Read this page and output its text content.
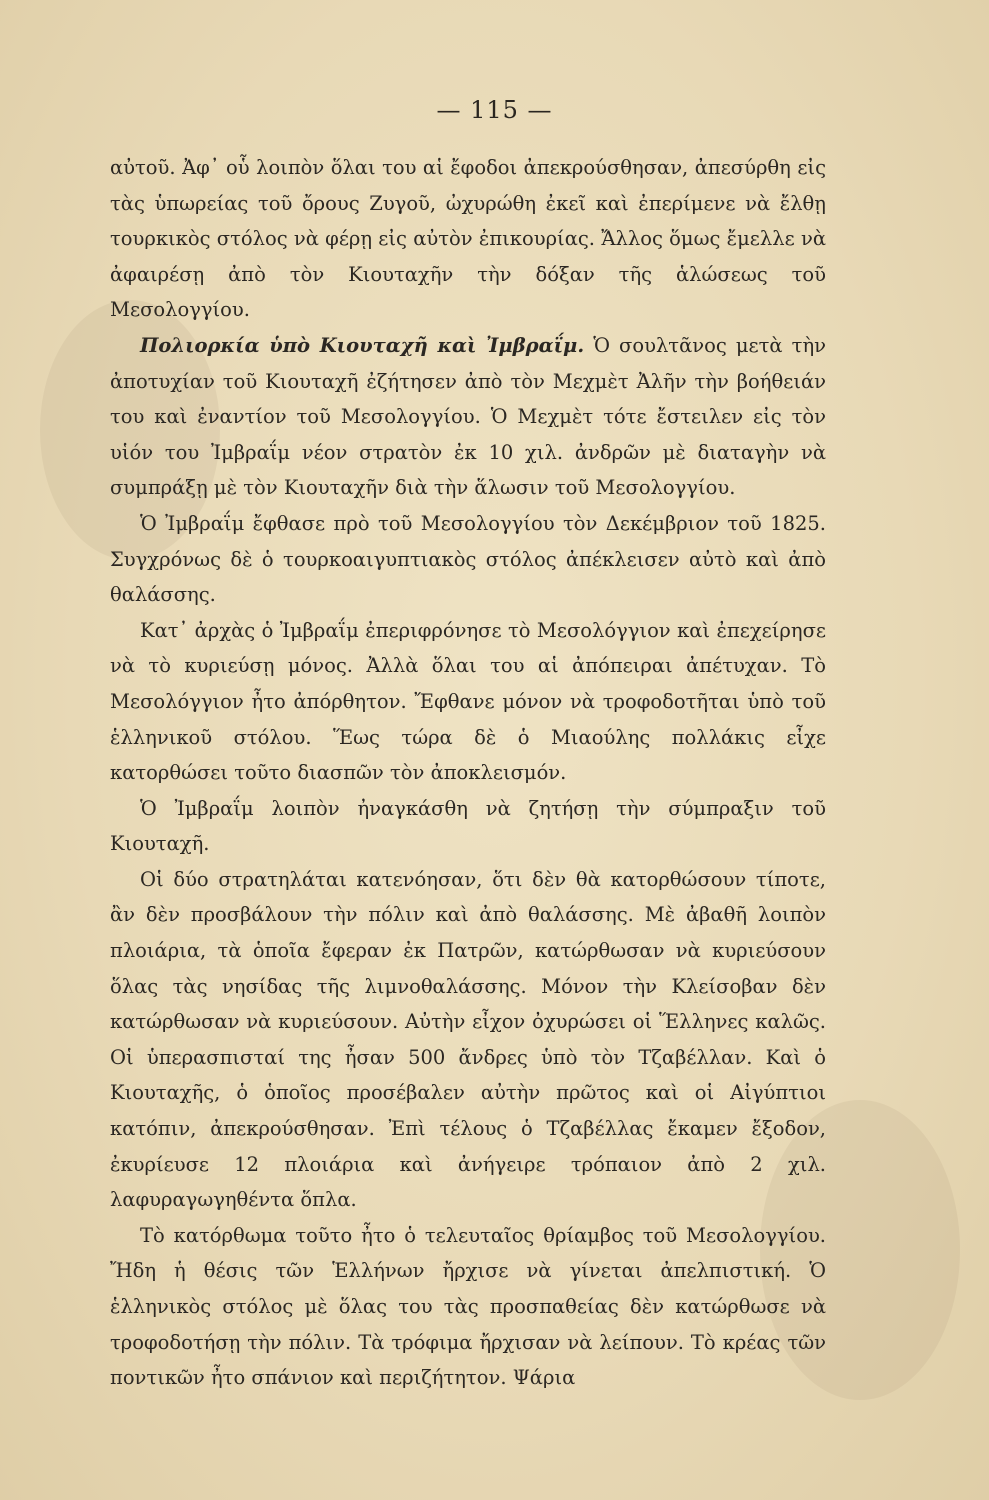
— 115 —

αὐτοῦ. Ἀφ᾿ οὗ λοιπὸν ὅλαι του αἱ ἔφοδοι ἀπεκρούσθησαν, ἀπεσύρθη εἰς τὰς ὑπωρείας τοῦ ὄρους Ζυγοῦ, ὠχυρώθη ἐκεῖ καὶ ἐπερίμενε νὰ ἔλθῃ τουρκικὸς στόλος νὰ φέρῃ εἰς αὐτὸν ἐπικουρίας. Ἄλλος ὅμως ἔμελλε νὰ ἀφαιρέσῃ ἀπὸ τὸν Κιουταχῆν τὴν δόξαν τῆς ἁλώσεως τοῦ Μεσολογγίου.

Πολιορκία ὑπὸ Κιουταχῆ καὶ Ἰμβραΐμ. Ὁ σουλτᾶνος μετὰ τὴν ἀποτυχίαν τοῦ Κιουταχῆ ἐζήτησεν ἀπὸ τὸν Μεχμὲτ Ἀλῆν τὴν βοήθειάν του καὶ ἐναντίον τοῦ Μεσολογγίου. Ὁ Μεχμὲτ τότε ἔστειλεν εἰς τὸν υἱόν του Ἰμβραΐμ νέον στρατὸν ἐκ 10 χιλ. ἀνδρῶν μὲ διαταγὴν νὰ συμπράξῃ μὲ τὸν Κιουταχῆν διὰ τὴν ἅλωσιν τοῦ Μεσολογγίου.

Ὁ Ἰμβραΐμ ἔφθασε πρὸ τοῦ Μεσολογγίου τὸν Δεκέμβριον τοῦ 1825. Συγχρόνως δὲ ὁ τουρκοαιγυπτιακὸς στόλος ἀπέκλεισεν αὐτὸ καὶ ἀπὸ θαλάσσης.

Κατ᾿ ἀρχὰς ὁ Ἰμβραΐμ ἐπεριφρόνησε τὸ Μεσολόγγιον καὶ ἐπεχείρησε νὰ τὸ κυριεύσῃ μόνος. Ἀλλὰ ὅλαι του αἱ ἀπόπειραι ἀπέτυχαν. Τὸ Μεσολόγγιον ἦτο ἀπόρθητον. Ἔφθανε μόνον νὰ τροφοδοτῆται ὑπὸ τοῦ ἑλληνικοῦ στόλου. Ἕως τώρα δὲ ὁ Μιαούλης πολλάκις εἶχε κατορθώσει τοῦτο διασπῶν τὸν ἀποκλεισμόν.

Ὁ Ἰμβραΐμ λοιπὸν ἠναγκάσθη νὰ ζητήσῃ τὴν σύμπραξιν τοῦ Κιουταχῆ.

Οἱ δύο στρατηλάται κατενόησαν, ὅτι δὲν θὰ κατορθώσουν τίποτε, ἂν δὲν προσβάλουν τὴν πόλιν καὶ ἀπὸ θαλάσσης. Μὲ ἀβαθῆ λοιπὸν πλοιάρια, τὰ ὁποῖα ἔφεραν ἐκ Πατρῶν, κατώρθωσαν νὰ κυριεύσουν ὅλας τὰς νησίδας τῆς λιμνοθαλάσσης. Μόνον τὴν Κλείσοβαν δὲν κατώρθωσαν νὰ κυριεύσουν. Αὐτὴν εἶχον ὀχυρώσει οἱ Ἕλληνες καλῶς. Οἱ ὑπερασπισταί της ἦσαν 500 ἄνδρες ὑπὸ τὸν Τζαβέλλαν. Καὶ ὁ Κιουταχῆς, ὁ ὁποῖος προσέβαλεν αὐτὴν πρῶτος καὶ οἱ Αἰγύπτιοι κατόπιν, ἀπεκρούσθησαν. Ἐπὶ τέλους ὁ Τζαβέλλας ἔκαμεν ἔξοδον, ἐκυρίευσε 12 πλοιάρια καὶ ἀνήγειρε τρόπαιον ἀπὸ 2 χιλ. λαφυραγωγηθέντα ὅπλα.

Τὸ κατόρθωμα τοῦτο ἦτο ὁ τελευταῖος θρίαμβος τοῦ Μεσολογγίου. Ἤδη ἡ θέσις τῶν Ἑλλήνων ἤρχισε νὰ γίνεται ἀπελπιστική. Ὁ ἑλληνικὸς στόλος μὲ ὅλας του τὰς προσπαθείας δὲν κατώρθωσε νὰ τροφοδοτήσῃ τὴν πόλιν. Τὰ τρόφιμα ἤρχισαν νὰ λείπουν. Τὸ κρέας τῶν ποντικῶν ἦτο σπάνιον καὶ περιζήτητον. Ψάρια
